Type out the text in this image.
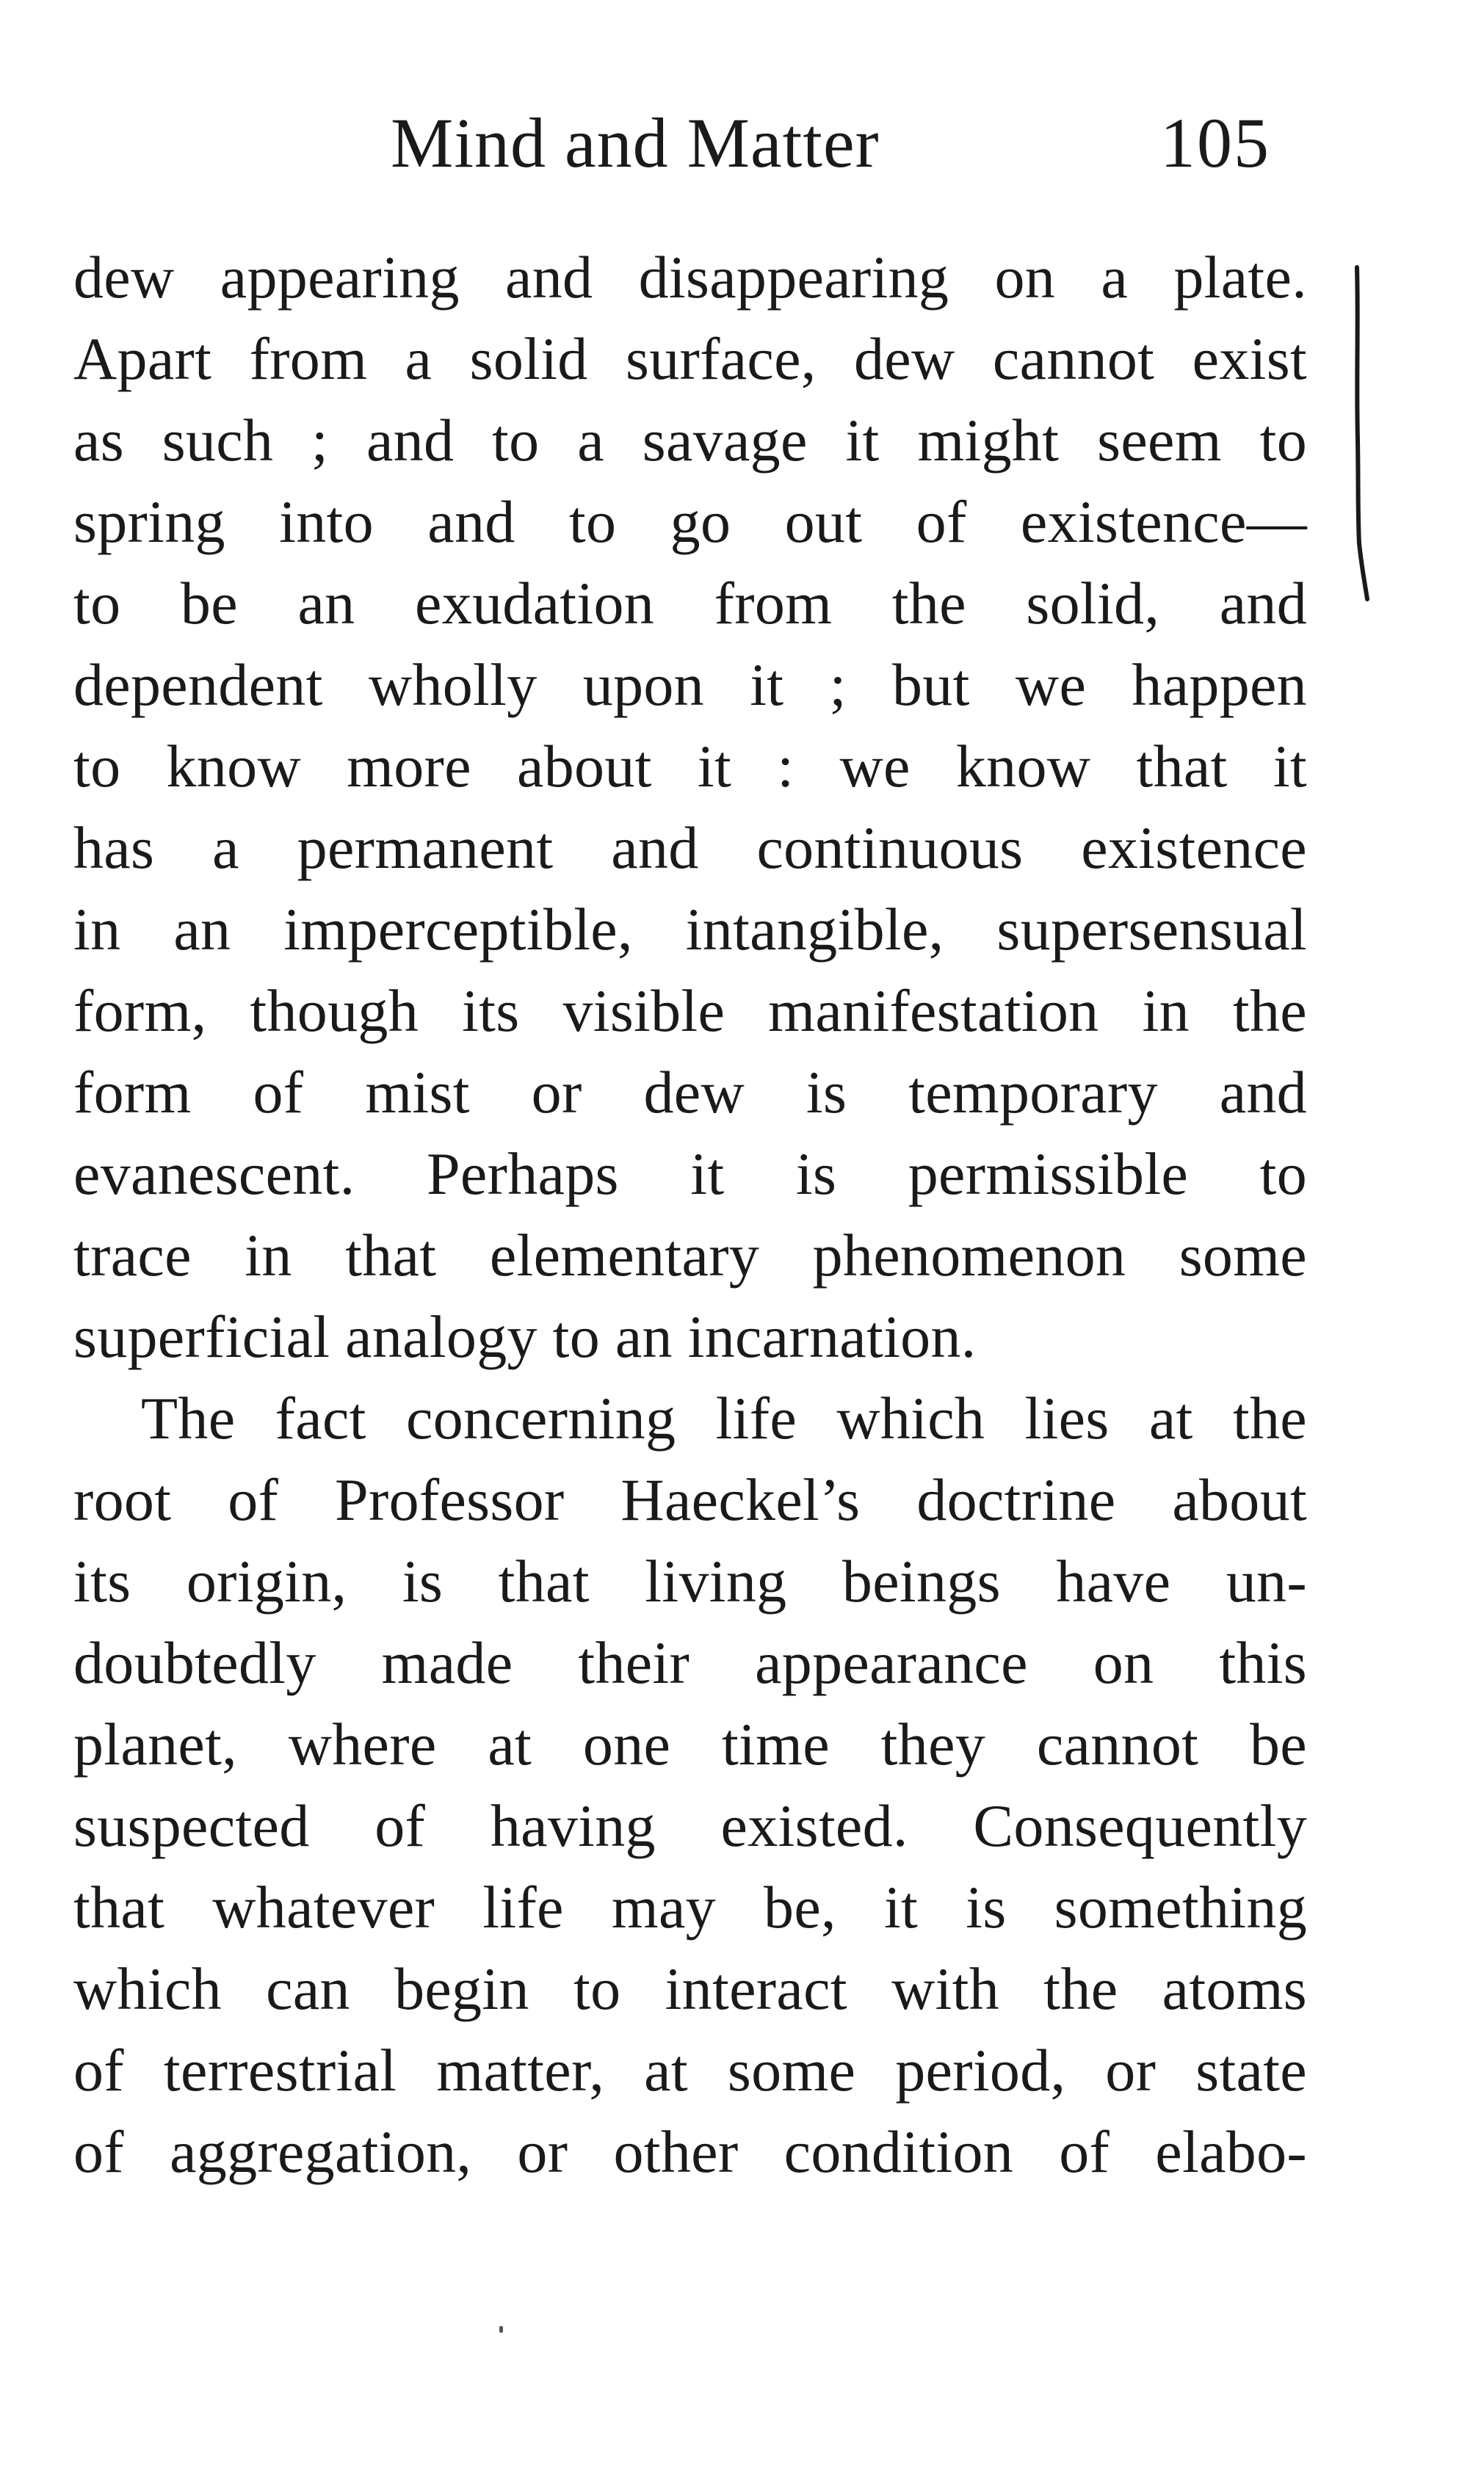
Mind and Matter	105
dew appearing and disappearing on a plate.
Apart from a solid surface, dew cannot exist
as such ; and to a savage it might seem to
spring into and to go out of existence—
to be an exudation from the solid, and
dependent wholly upon it ; but we happen
to know more about it : we know that it
has a permanent and continuous existence
in an imperceptible, intangible, supersensual
form, though its visible manifestation in the
form of mist or dew is temporary and
evanescent. Perhaps it is permissible to
trace in that elementary phenomenon some
superficial analogy to an incarnation.
The fact concerning life which lies at the
root of Professor Haeckel’s doctrine about
its origin, is that living beings have un-
doubtedly made their appearance on this
planet, where at one time they cannot be
suspected of having existed. Consequently
that whatever life may be, it is something
which can begin to interact with the atoms
of terrestrial matter, at some period, or state
of aggregation, or other condition of elabo-
